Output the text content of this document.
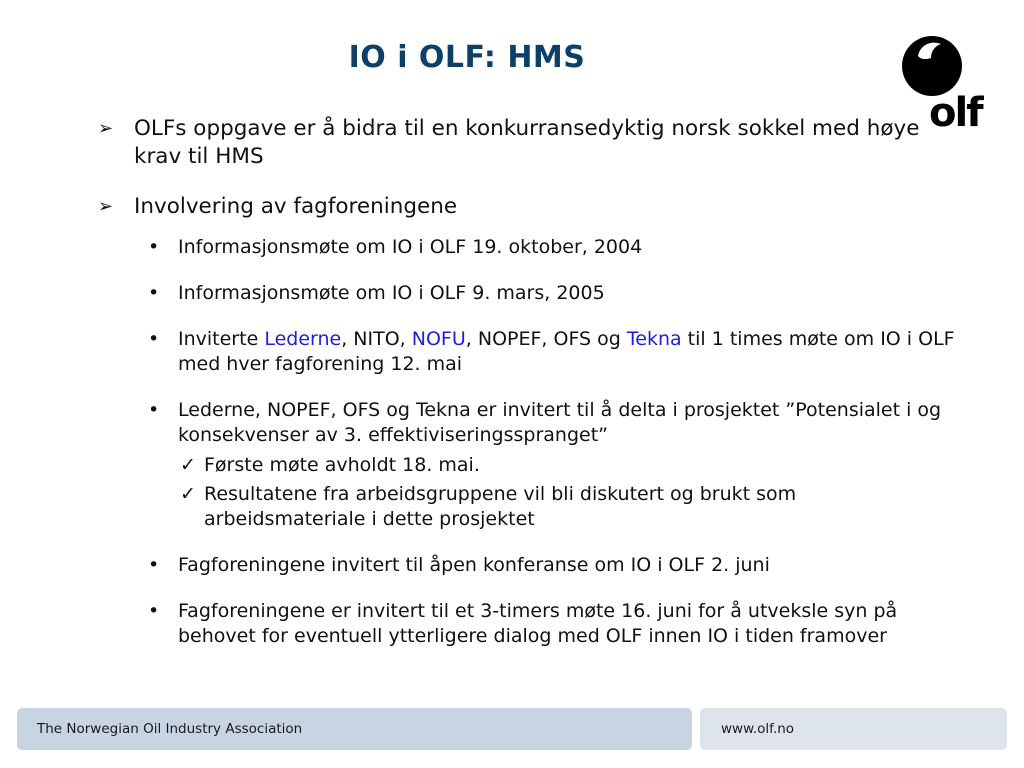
IO i OLF: HMS
olf
➢ OLFs oppgave er å bidra til en konkurransedyktig norsk sokkel med høye krav til HMS
➢ Involvering av fagforeningene
• Informasjonsmøte om IO i OLF 19. oktober, 2004
• Informasjonsmøte om IO i OLF 9. mars, 2005
• Inviterte Lederne, NITO, NOFU, NOPEF, OFS og Tekna til 1 times møte om IO i OLF med hver fagforening 12. mai
• Lederne, NOPEF, OFS og Tekna er invitert til å delta i prosjektet ”Potensialet i og konsekvenser av 3. effektiviseringsspranget”
✓ Første møte avholdt 18. mai.
✓ Resultatene fra arbeidsgruppene vil bli diskutert og brukt som arbeidsmateriale i dette prosjektet
• Fagforeningene invitert til åpen konferanse om IO i OLF 2. juni
• Fagforeningene er invitert til et 3-timers møte 16. juni for å utveksle syn på behovet for eventuell ytterligere dialog med OLF innen IO i tiden framover
The Norwegian Oil Industry Association	www.olf.no
